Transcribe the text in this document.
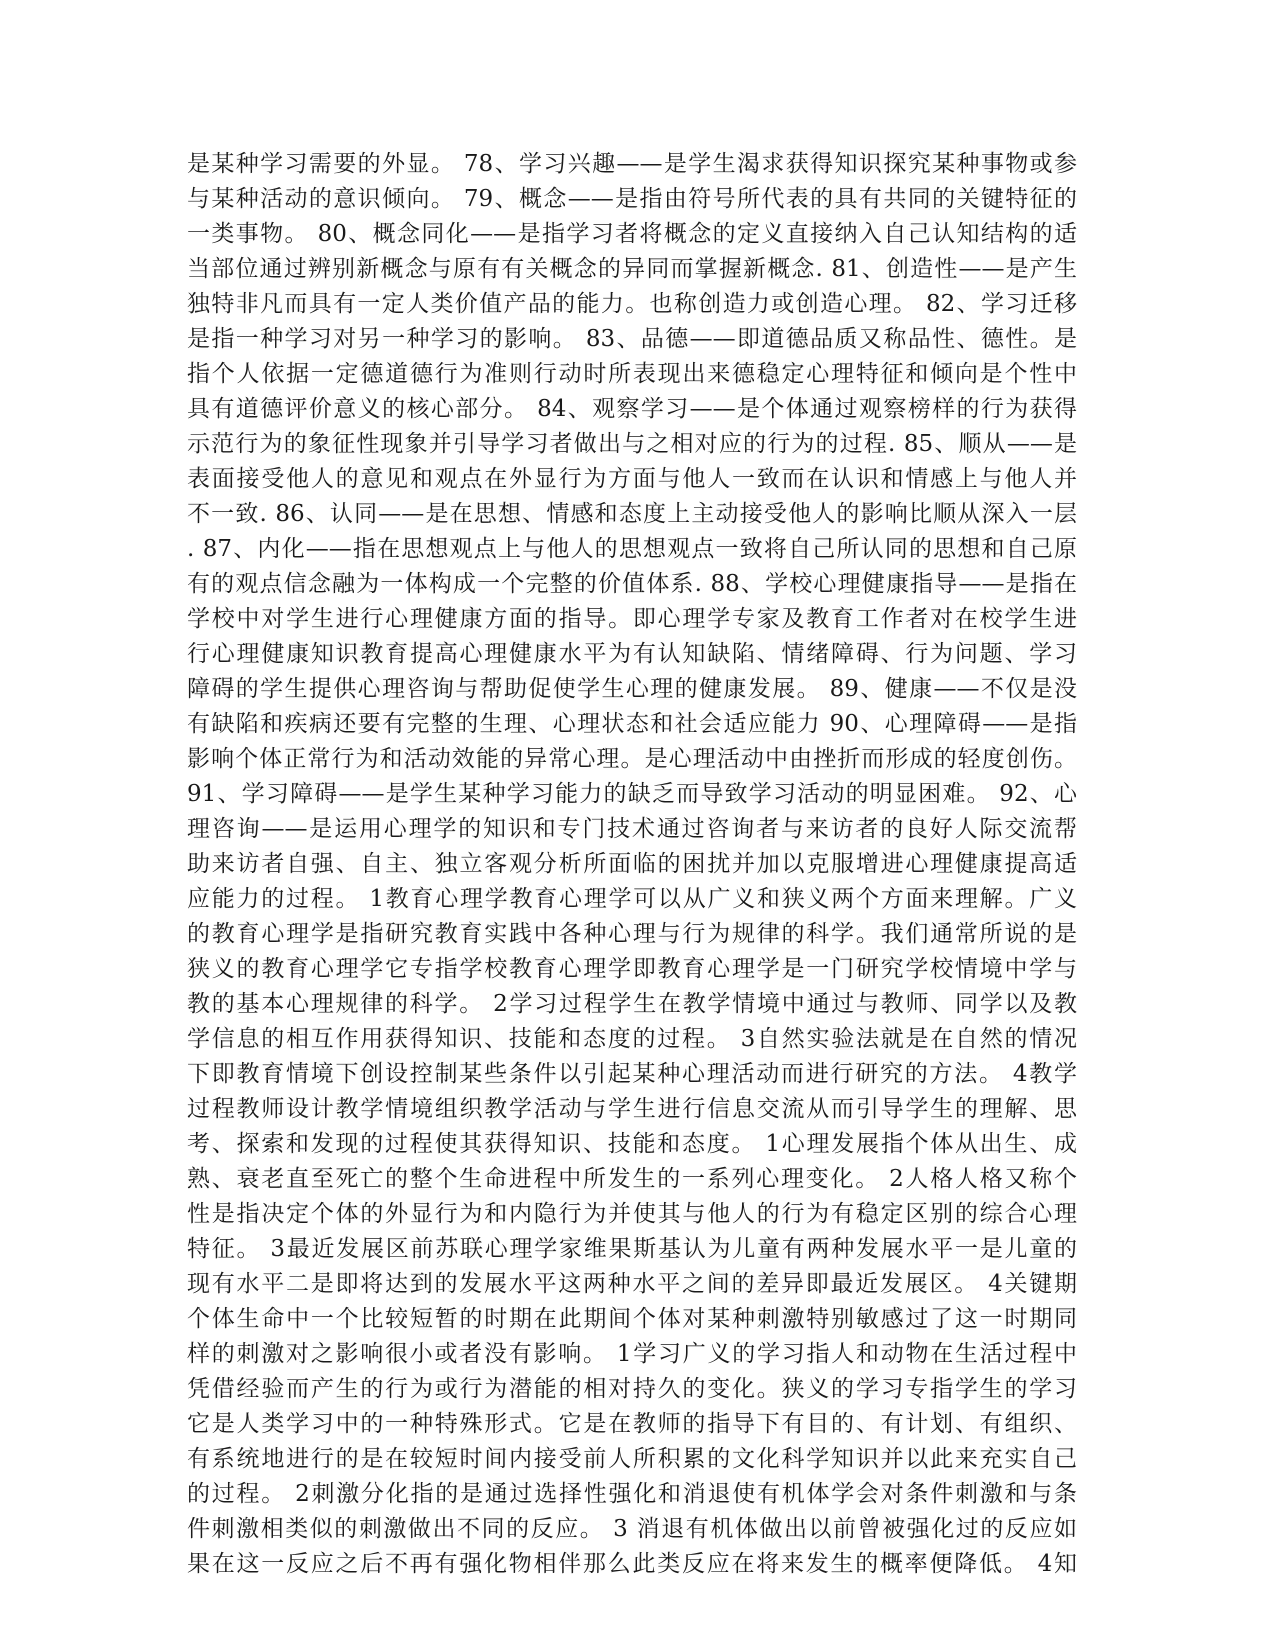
是某种学习需要的外显。 78、学习兴趣——是学生渴求获得知识探究某种事物或参
与某种活动的意识倾向。 79、概念——是指由符号所代表的具有共同的关键特征的
一类事物。 80、概念同化——是指学习者将概念的定义直接纳入自己认知结构的适
当部位通过辨别新概念与原有有关概念的异同而掌握新概念. 81、创造性——是产生
独特非凡而具有一定人类价值产品的能力。也称创造力或创造心理。 82、学习迁移
是指一种学习对另一种学习的影响。 83、品德——即道德品质又称品性、德性。是
指个人依据一定德道德行为准则行动时所表现出来德稳定心理特征和倾向是个性中
具有道德评价意义的核心部分。 84、观察学习——是个体通过观察榜样的行为获得
示范行为的象征性现象并引导学习者做出与之相对应的行为的过程. 85、顺从——是
表面接受他人的意见和观点在外显行为方面与他人一致而在认识和情感上与他人并
不一致. 86、认同——是在思想、情感和态度上主动接受他人的影响比顺从深入一层
. 87、内化——指在思想观点上与他人的思想观点一致将自己所认同的思想和自己原
有的观点信念融为一体构成一个完整的价值体系. 88、学校心理健康指导——是指在
学校中对学生进行心理健康方面的指导。即心理学专家及教育工作者对在校学生进
行心理健康知识教育提高心理健康水平为有认知缺陷、情绪障碍、行为问题、学习
障碍的学生提供心理咨询与帮助促使学生心理的健康发展。 89、健康——不仅是没
有缺陷和疾病还要有完整的生理、心理状态和社会适应能力 90、心理障碍——是指
影响个体正常行为和活动效能的异常心理。是心理活动中由挫折而形成的轻度创伤。
91、学习障碍——是学生某种学习能力的缺乏而导致学习活动的明显困难。 92、心
理咨询——是运用心理学的知识和专门技术通过咨询者与来访者的良好人际交流帮
助来访者自强、自主、独立客观分析所面临的困扰并加以克服增进心理健康提高适
应能力的过程。 1教育心理学教育心理学可以从广义和狭义两个方面来理解。广义
的教育心理学是指研究教育实践中各种心理与行为规律的科学。我们通常所说的是
狭义的教育心理学它专指学校教育心理学即教育心理学是一门研究学校情境中学与
教的基本心理规律的科学。 2学习过程学生在教学情境中通过与教师、同学以及教
学信息的相互作用获得知识、技能和态度的过程。 3自然实验法就是在自然的情况
下即教育情境下创设控制某些条件以引起某种心理活动而进行研究的方法。 4教学
过程教师设计教学情境组织教学活动与学生进行信息交流从而引导学生的理解、思
考、探索和发现的过程使其获得知识、技能和态度。 1心理发展指个体从出生、成
熟、衰老直至死亡的整个生命进程中所发生的一系列心理变化。 2人格人格又称个
性是指决定个体的外显行为和内隐行为并使其与他人的行为有稳定区别的综合心理
特征。 3最近发展区前苏联心理学家维果斯基认为儿童有两种发展水平一是儿童的
现有水平二是即将达到的发展水平这两种水平之间的差异即最近发展区。 4关键期
个体生命中一个比较短暂的时期在此期间个体对某种刺激特别敏感过了这一时期同
样的刺激对之影响很小或者没有影响。 1学习广义的学习指人和动物在生活过程中
凭借经验而产生的行为或行为潜能的相对持久的变化。狭义的学习专指学生的学习
它是人类学习中的一种特殊形式。它是在教师的指导下有目的、有计划、有组织、
有系统地进行的是在较短时间内接受前人所积累的文化科学知识并以此来充实自己
的过程。 2刺激分化指的是通过选择性强化和消退使有机体学会对条件刺激和与条
件刺激相类似的刺激做出不同的反应。 3 消退有机体做出以前曾被强化过的反应如
果在这一反应之后不再有强化物相伴那么此类反应在将来发生的概率便降低。 4知
